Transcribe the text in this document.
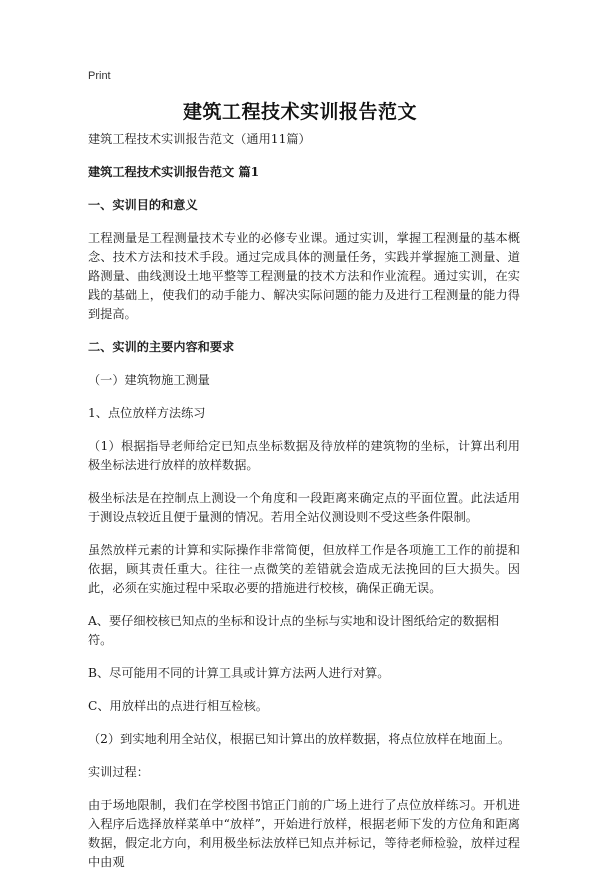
Print
建筑工程技术实训报告范文

建筑工程技术实训报告范文（通用11篇）

建筑工程技术实训报告范文 篇1

一、实训目的和意义

工程测量是工程测量技术专业的必修专业课。通过实训，掌握工程测量的基本概念、技术方法和技术手段。通过完成具体的测量任务，实践并掌握施工测量、道路测量、曲线测设土地平整等工程测量的技术方法和作业流程。通过实训，在实践的基础上，使我们的动手能力、解决实际问题的能力及进行工程测量的能力得到提高。

二、实训的主要内容和要求

（一）建筑物施工测量

1、点位放样方法练习

（1）根据指导老师给定已知点坐标数据及待放样的建筑物的坐标，计算出利用极坐标法进行放样的放样数据。

极坐标法是在控制点上测设一个角度和一段距离来确定点的平面位置。此法适用于测设点较近且便于量测的情况。若用全站仪测设则不受这些条件限制。

虽然放样元素的计算和实际操作非常简便，但放样工作是各项施工工作的前提和依据，顾其责任重大。往往一点微笑的差错就会造成无法挽回的巨大损失。因此，必须在实施过程中采取必要的措施进行校核，确保正确无误。

A、要仔细校核已知点的坐标和设计点的坐标与实地和设计图纸给定的数据相符。

B、尽可能用不同的计算工具或计算方法两人进行对算。

C、用放样出的点进行相互检核。

（2）到实地利用全站仪，根据已知计算出的放样数据，将点位放样在地面上。

实训过程：

由于场地限制，我们在学校图书馆正门前的广场上进行了点位放样练习。开机进入程序后选择放样菜单中“放样”，开始进行放样，根据老师下发的方位角和距离数据，假定北方向，利用极坐标法放样已知点并标记，等待老师检验，放样过程中由观
